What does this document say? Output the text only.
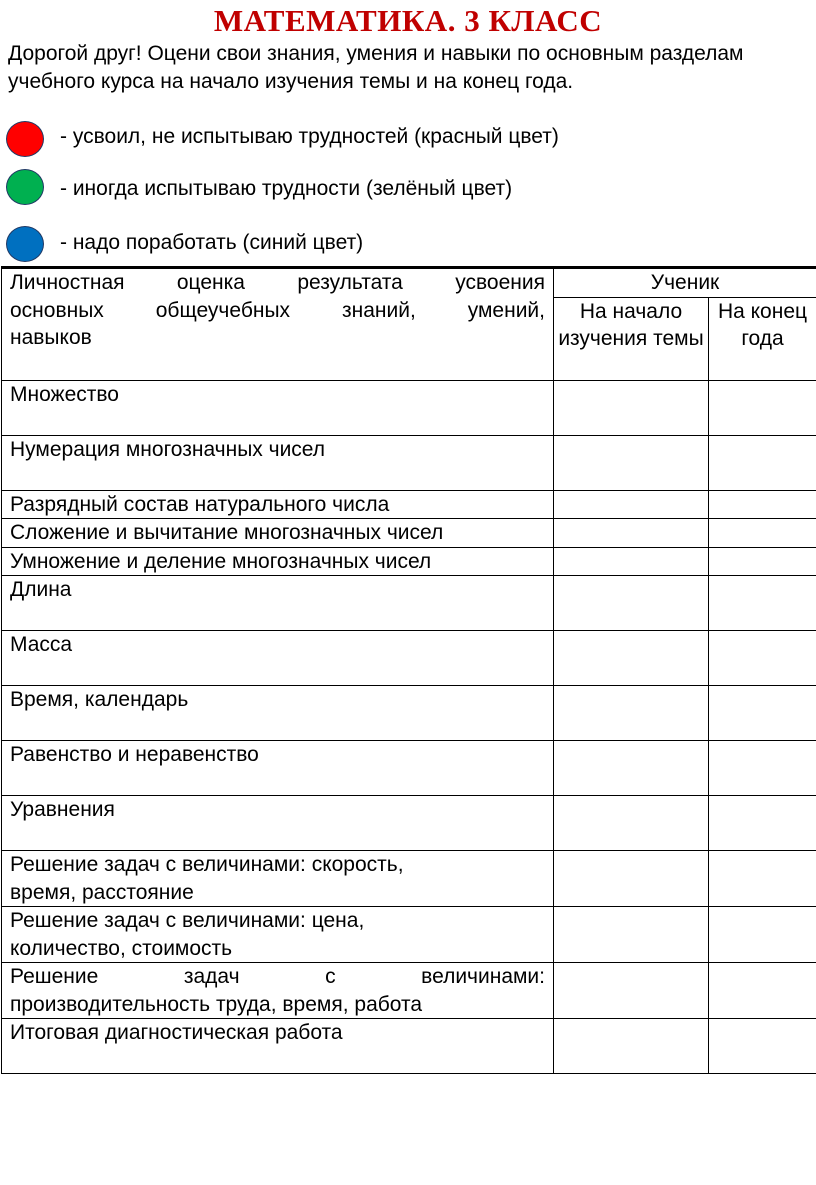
МАТЕМАТИКА. 3 КЛАСС

Дорогой друг! Оцени свои знания, умения и навыки по основным разделам

учебного курса на начало изучения темы и на конец года.

- усвоил, не испытываю трудностей (красный цвет)
- иногда испытываю трудности (зелёный цвет)
- надо поработать (синий цвет)
Личностная оценка результата усвоения
основных общеучебных знаний, умений,
навыков	Ученик	
	На начало изучения темы	На конец года
Множество		
Нумерация многозначных чисел		
Разрядный состав натурального числа		
Сложение и вычитание многозначных чисел		
Умножение и деление многозначных чисел		
Длина		
Масса		
Время, календарь		
Равенство и неравенство		
Уравнения		
Решение задач с величинами: скорость, время, расстояние		
Решение задач с величинами: цена, количество, стоимость		

Решение задач с величинами:
производительность труда, время, работа		

Итоговая диагностическая работа		
